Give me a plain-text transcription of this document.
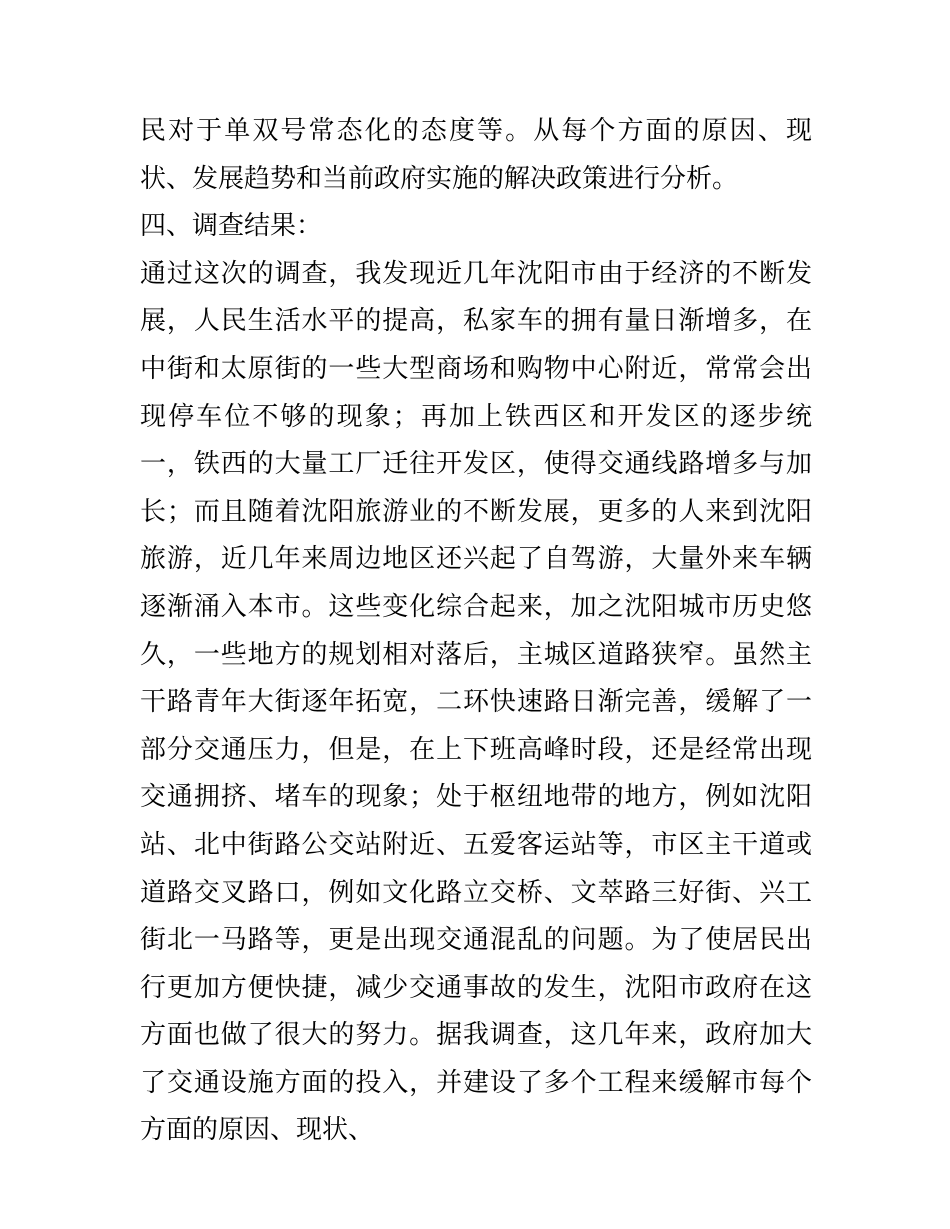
民对于单双号常态化的态度等。从每个方面的原因、现状、发展趋势和当前政府实施的解决政策进行分析。

四、调查结果：

通过这次的调查，我发现近几年沈阳市由于经济的不断发展，人民生活水平的提高，私家车的拥有量日渐增多，在中街和太原街的一些大型商场和购物中心附近，常常会出现停车位不够的现象；再加上铁西区和开发区的逐步统一，铁西的大量工厂迁往开发区，使得交通线路增多与加长；而且随着沈阳旅游业的不断发展，更多的人来到沈阳旅游，近几年来周边地区还兴起了自驾游，大量外来车辆逐渐涌入本市。这些变化综合起来，加之沈阳城市历史悠久，一些地方的规划相对落后，主城区道路狭窄。虽然主干路青年大街逐年拓宽，二环快速路日渐完善，缓解了一部分交通压力，但是，在上下班高峰时段，还是经常出现交通拥挤、堵车的现象；处于枢纽地带的地方，例如沈阳站、北中街路公交站附近、五爱客运站等，市区主干道或道路交叉路口，例如文化路立交桥、文萃路三好街、兴工街北一马路等，更是出现交通混乱的问题。为了使居民出行更加方便快捷，减少交通事故的发生，沈阳市政府在这方面也做了很大的努力。据我调查，这几年来，政府加大了交通设施方面的投入，并建设了多个工程来缓解市每个方面的原因、现状、
